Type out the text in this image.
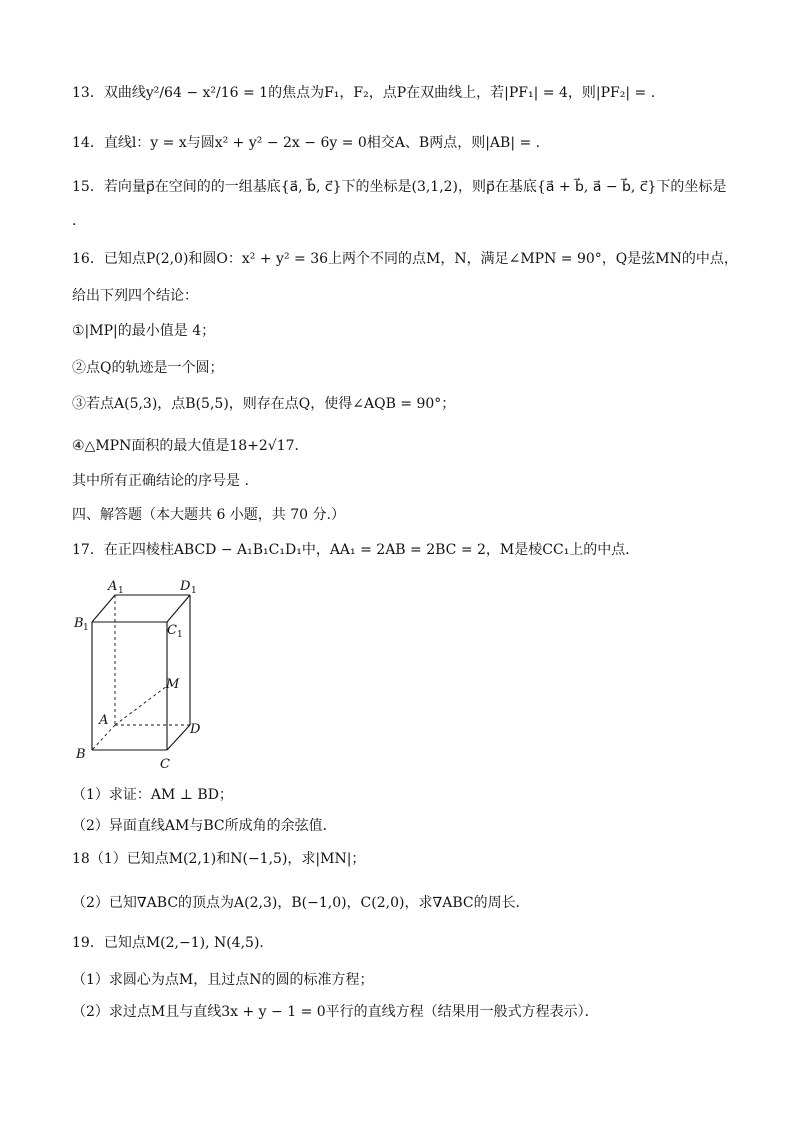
13．双曲线y²/64 − x²/16 = 1的焦点为F₁，F₂，点P在双曲线上，若|PF₁| = 4，则|PF₂| = .
14．直线l：y = x与圆x² + y² − 2x − 6y = 0相交A、B两点，则|AB| = .
15．若向量p⃗在空间的的一组基底{a⃗, b⃗, c⃗}下的坐标是(3,1,2)，则p⃗在基底{a⃗ + b⃗, a⃗ − b⃗, c⃗}下的坐标是
．
16．已知点P(2,0)和圆O：x² + y² = 36上两个不同的点M，N，满足∠MPN = 90°，Q是弦MN的中点，
给出下列四个结论：
①|MP|的最小值是 4；
②点Q的轨迹是一个圆；
③若点A(5,3)，点B(5,5)，则存在点Q，使得∠AQB = 90°；
④△MPN面积的最大值是18+2√17．
其中所有正确结论的序号是 .
四、解答题（本大题共 6 小题，共 70 分.）
17．在正四棱柱ABCD − A₁B₁C₁D₁中，AA₁ = 2AB = 2BC = 2，M是棱CC₁上的中点．
A 1	D 1
B 1	C 1
M
A
D
B
C
（1）求证：AM ⊥ BD；
（2）异面直线AM与BC所成角的余弦值．
18（1）已知点M(2,1)和N(−1,5)，求|MN|；
（2）已知∇ABC的顶点为A(2,3)，B(−1,0)，C(2,0)，求∇ABC的周长．
19．已知点M(2,−1), N(4,5)．
（1）求圆心为点M，且过点N的圆的标准方程；
（2）求过点M且与直线3x + y − 1 = 0平行的直线方程（结果用一般式方程表示）．
